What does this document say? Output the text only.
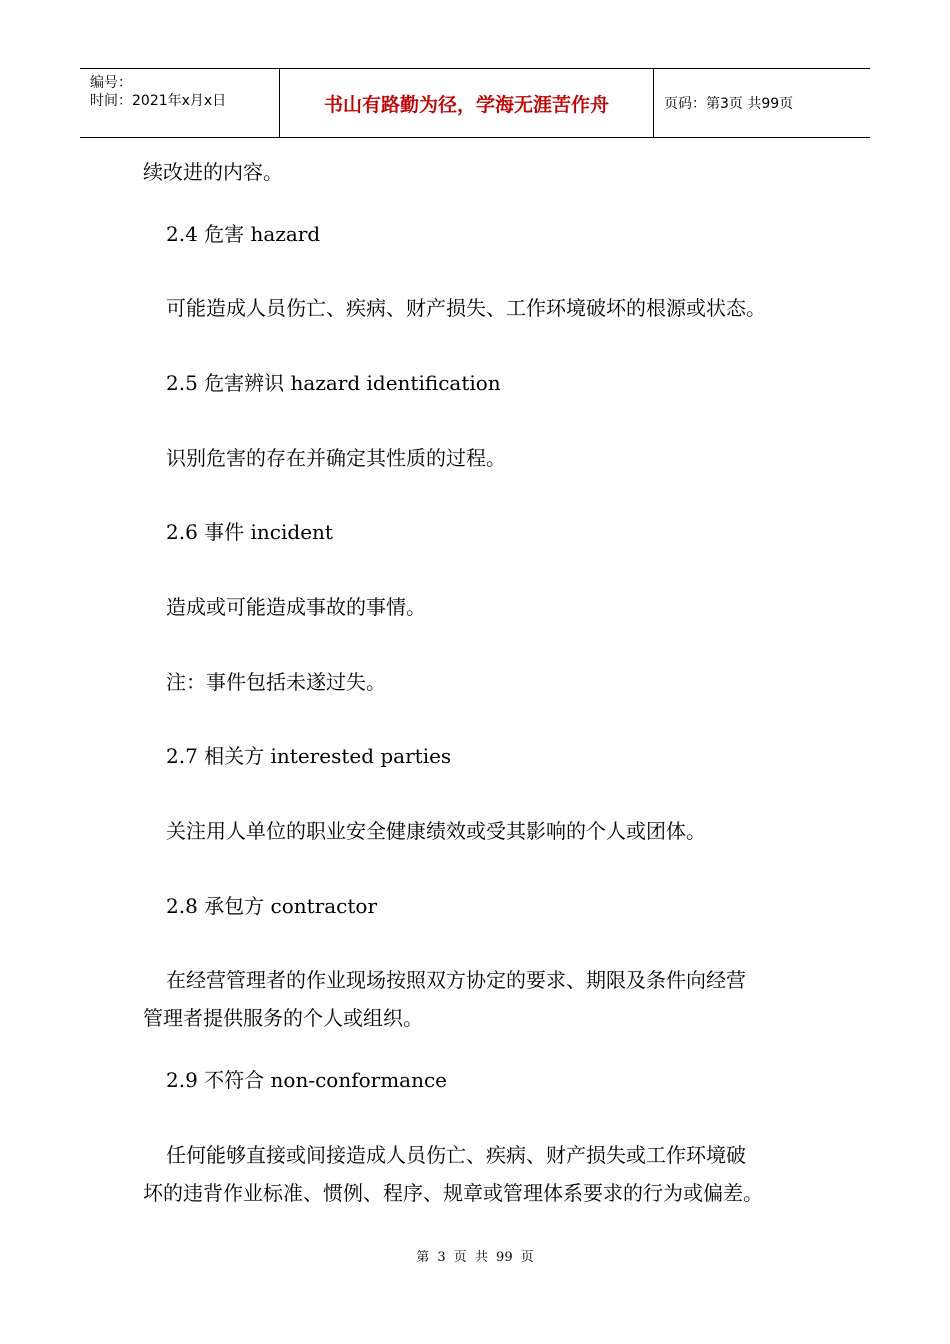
编号：
时间：2021年x月x日	书山有路勤为径，学海无涯苦作舟	页码：第3页 共99页
续改进的内容。
2.4 危害 hazard
可能造成人员伤亡、疾病、财产损失、工作环境破坏的根源或状态。
2.5 危害辨识 hazard identification
识别危害的存在并确定其性质的过程。
2.6 事件 incident
造成或可能造成事故的事情。
注：事件包括未遂过失。
2.7 相关方 interested parties
关注用人单位的职业安全健康绩效或受其影响的个人或团体。
2.8 承包方 contractor
在经营管理者的作业现场按照双方协定的要求、期限及条件向经营
管理者提供服务的个人或组织。
2.9 不符合 non-conformance
任何能够直接或间接造成人员伤亡、疾病、财产损失或工作环境破
坏的违背作业标准、惯例、程序、规章或管理体系要求的行为或偏差。
第 3 页 共 99 页
